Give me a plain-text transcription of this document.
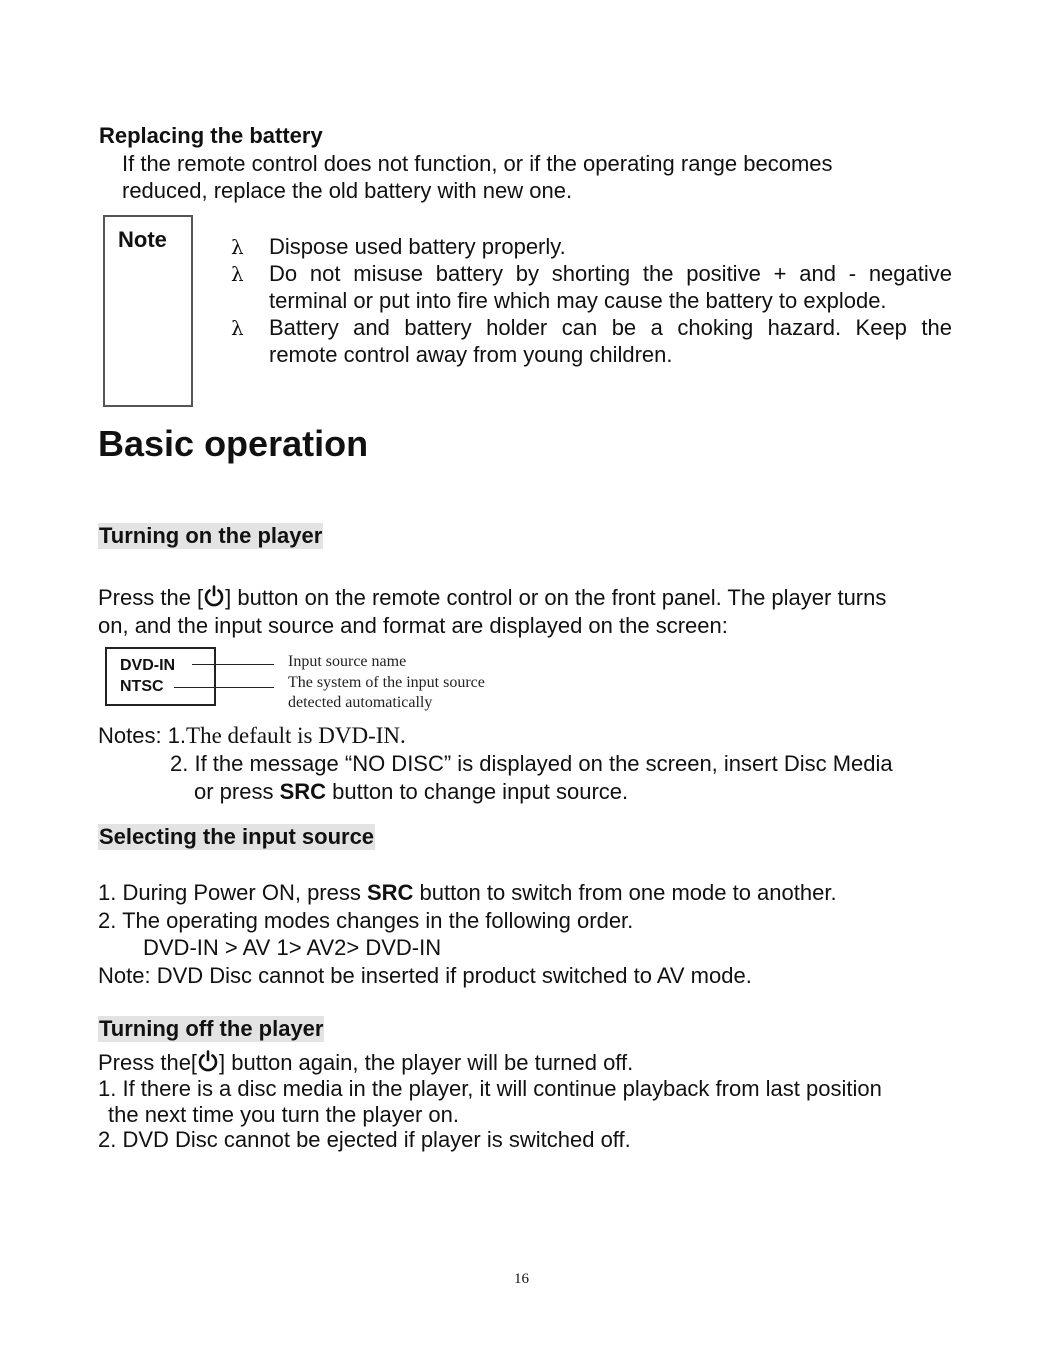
Replacing the battery
If the remote control does not function, or if the operating range becomes
reduced, replace the old battery with new one.
Note	λ Dispose used battery properly.
λ Do not misuse battery by shorting the positive + and - negative
terminal or put into fire which may cause the battery to explode.
λ Battery and battery holder can be a choking hazard. Keep the
remote control away from young children.
Basic operation
Turning on the player
Press the [ ] button on the remote control or on the front panel. The player turns
on, and the input source and format are displayed on the screen:
DVD-IN
NTSC
Input source name
The system of the input source
detected automatically
Notes: 1.The default is DVD-IN.
2. If the message “NO DISC” is displayed on the screen, insert Disc Media
or press SRC button to change input source.
Selecting the input source
1. During Power ON, press SRC button to switch from one mode to another.
2. The operating modes changes in the following order.
DVD-IN > AV 1> AV2> DVD-IN
Note: DVD Disc cannot be inserted if product switched to AV mode.
Turning off the player
Press the[ ] button again, the player will be turned off.
1. If there is a disc media in the player, it will continue playback from last position
the next time you turn the player on.
2. DVD Disc cannot be ejected if player is switched off.
16
